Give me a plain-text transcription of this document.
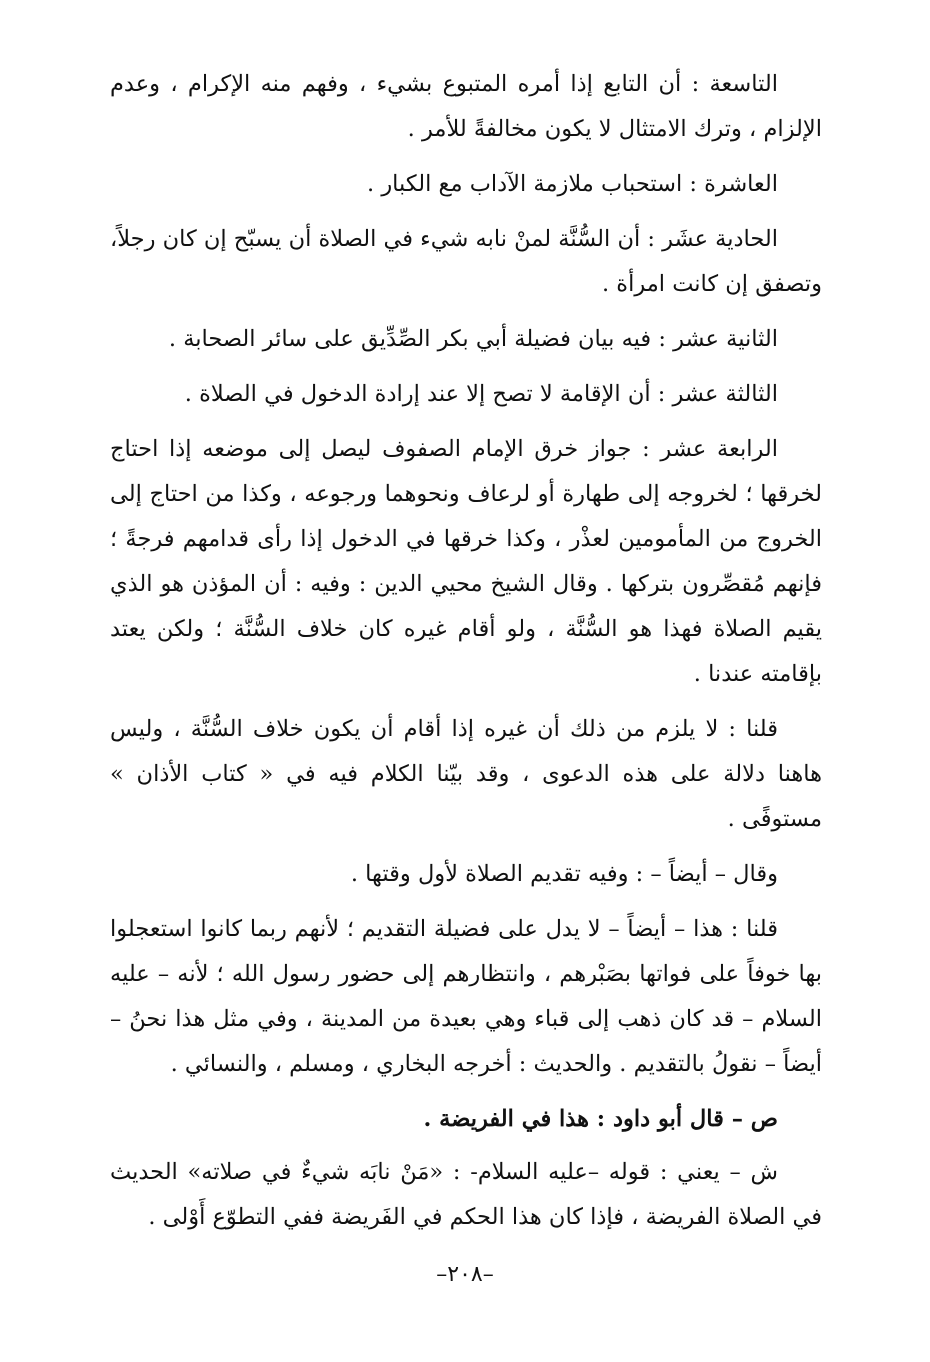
التاسعة : أن التابع إذا أمره المتبوع بشيء ، وفهم منه الإكرام ، وعدم الإلزام ، وترك الامتثال لا يكون مخالفةً للأمر .

العاشرة : استحباب ملازمة الآداب مع الكبار .

الحادية عشَر : أن السُّنَّة لمنْ نابه شيء في الصلاة أن يسبّح إن كان رجلاً، وتصفق إن كانت امرأة .

الثانية عشر : فيه بيان فضيلة أبي بكر الصِّدِّيق على سائر الصحابة .

الثالثة عشر : أن الإقامة لا تصح إلا عند إرادة الدخول في الصلاة .

الرابعة عشر : جواز خرق الإمام الصفوف ليصل إلى موضعه إذا احتاج لخرقها ؛ لخروجه إلى طهارة أو لرعاف ونحوهما ورجوعه ، وكذا من احتاج إلى الخروج من المأمومين لعذْر ، وكذا خرقها في الدخول إذا رأى قدامهم فرجةً ؛ فإنهم مُقصِّرون بتركها . وقال الشيخ محيي الدين : وفيه : أن المؤذن هو الذي يقيم الصلاة فهذا هو السُّنَّة ، ولو أقام غيره كان خلاف السُّنَّة ؛ ولكن يعتد بإقامته عندنا .

قلنا : لا يلزم من ذلك أن غيره إذا أقام أن يكون خلاف السُّنَّة ، وليس هاهنا دلالة على هذه الدعوى ، وقد بيّنا الكلام فيه في « كتاب الأذان » مستوفًى .

وقال – أيضاً – : وفيه تقديم الصلاة لأول وقتها .

قلنا : هذا – أيضاً – لا يدل على فضيلة التقديم ؛ لأنهم ربما كانوا استعجلوا بها خوفاً على فواتها بصَبْرهم ، وانتظارهم إلى حضور رسول الله ؛ لأنه – عليه السلام – قد كان ذهب إلى قباء وهي بعيدة من المدينة ، وفي مثل هذا نحنُ – أيضاً – نقولُ بالتقديم . والحديث : أخرجه البخاري ، ومسلم ، والنسائي .

ص – قال أبو داود : هذا في الفريضة .

ش – يعني : قوله –عليه السلام- : «مَنْ نابَه شيءٌ في صلاته» الحديث في الصلاة الفريضة ، فإذا كان هذا الحكم في الفَريضة ففي التطوّع أَوْلى .

–٢٠٨–
